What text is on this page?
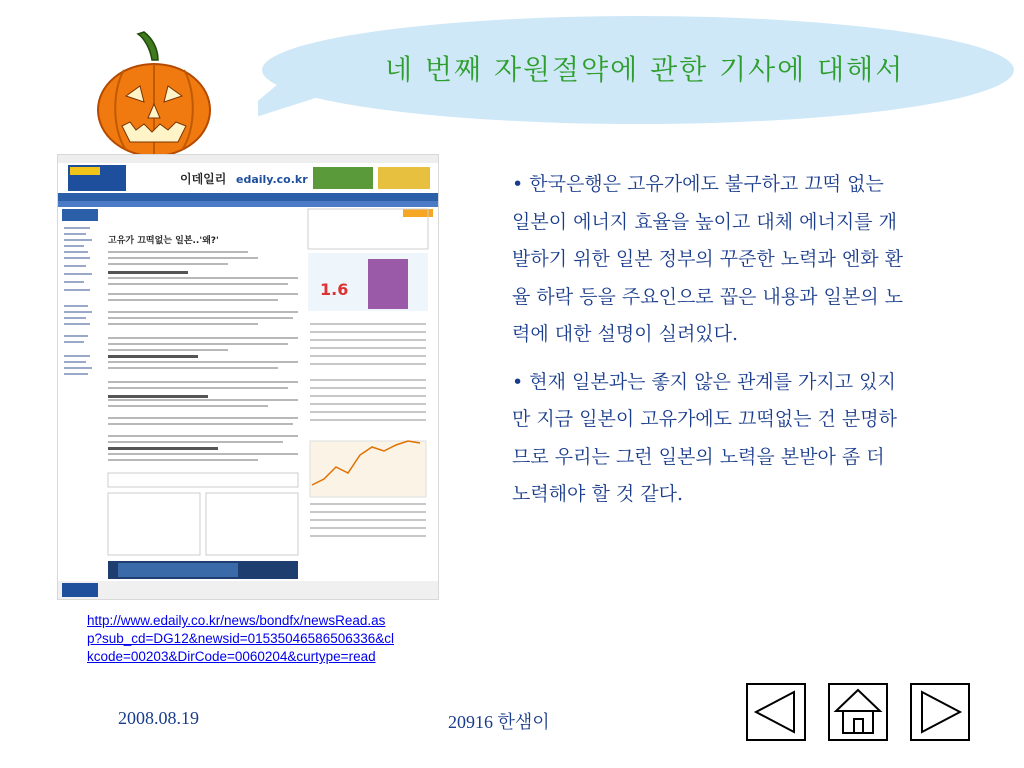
네 번째 자원절약에 관한 기사에 대해서
이데일리 edaily.co.kr
고유가 끄떡없는 일본..'왜?'
1.6
http://www.edaily.co.kr/news/bondfx/newsRead.asp?sub_cd=DG12&newsid=01535046586506336&clkcode=00203&DirCode=0060204&curtype=read

• 한국은행은 고유가에도 불구하고 끄떡 없는 일본이 에너지 효율을 높이고 대체 에너지를 개발하기 위한 일본 정부의 꾸준한 노력과 엔화 환율 하락 등을 주요인으로 꼽은 내용과 일본의 노력에 대한 설명이 실려있다.

• 현재 일본과는 좋지 않은 관계를 가지고 있지만 지금 일본이 고유가에도 끄떡없는 건 분명하므로 우리는 그런 일본의 노력을 본받아 좀 더 노력해야 할 것 같다.

2008.08.19	20916 한샘이
